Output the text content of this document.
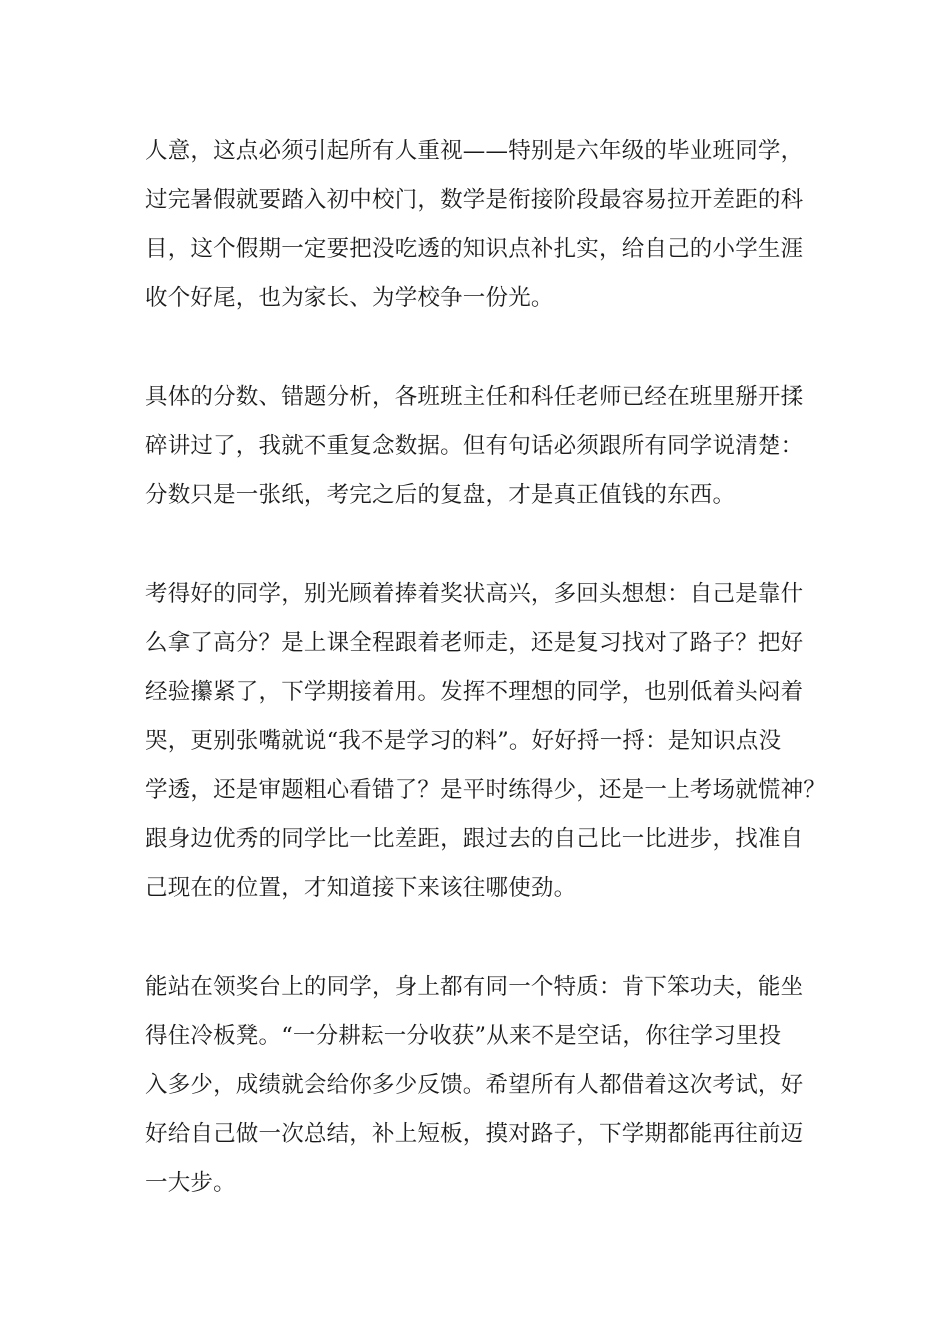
人意，这点必须引起所有人重视——特别是六年级的毕业班同学，
过完暑假就要踏入初中校门，数学是衔接阶段最容易拉开差距的科
目，这个假期一定要把没吃透的知识点补扎实，给自己的小学生涯
收个好尾，也为家长、为学校争一份光。
具体的分数、错题分析，各班班主任和科任老师已经在班里掰开揉
碎讲过了，我就不重复念数据。但有句话必须跟所有同学说清楚：
分数只是一张纸，考完之后的复盘，才是真正值钱的东西。
考得好的同学，别光顾着捧着奖状高兴，多回头想想：自己是靠什
么拿了高分？是上课全程跟着老师走，还是复习找对了路子？把好
经验攥紧了，下学期接着用。发挥不理想的同学，也别低着头闷着
哭，更别张嘴就说“我不是学习的料”。好好捋一捋：是知识点没
学透，还是审题粗心看错了？是平时练得少，还是一上考场就慌神？
跟身边优秀的同学比一比差距，跟过去的自己比一比进步，找准自
己现在的位置，才知道接下来该往哪使劲。
能站在领奖台上的同学，身上都有同一个特质：肯下笨功夫，能坐
得住冷板凳。“一分耕耘一分收获”从来不是空话，你往学习里投
入多少，成绩就会给你多少反馈。希望所有人都借着这次考试，好
好给自己做一次总结，补上短板，摸对路子，下学期都能再往前迈
一大步。
